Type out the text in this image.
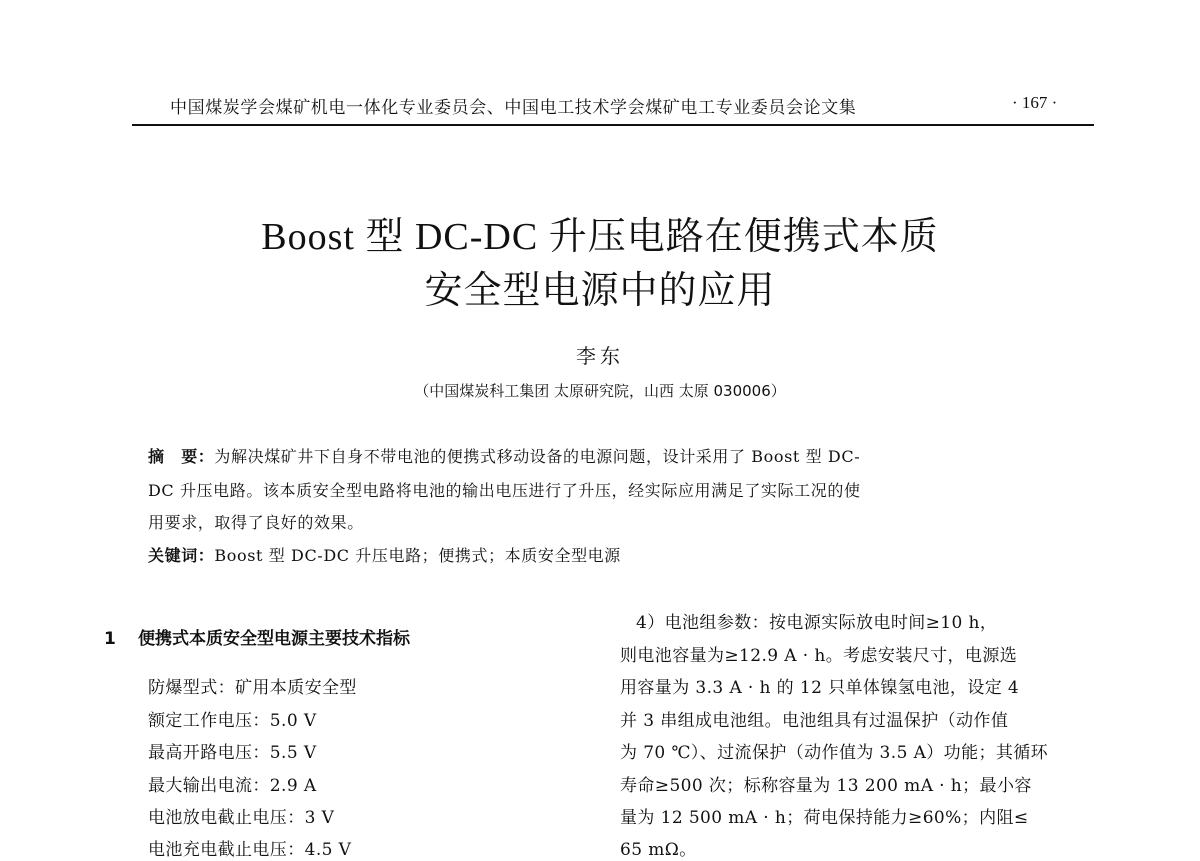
中国煤炭学会煤矿机电一体化专业委员会、中国电工技术学会煤矿电工专业委员会论文集	· 167 ·
Boost 型 DC-DC 升压电路在便携式本质
安全型电源中的应用
李东
（中国煤炭科工集团 太原研究院，山西 太原 030006）
摘　要：为解决煤矿井下自身不带电池的便携式移动设备的电源问题，设计采用了 Boost 型 DC-
DC 升压电路。该本质安全型电路将电池的输出电压进行了升压，经实际应用满足了实际工况的使
用要求，取得了良好的效果。
关键词：Boost 型 DC-DC 升压电路；便携式；本质安全型电源
1 便携式本质安全型电源主要技术指标
防爆型式：矿用本质安全型
额定工作电压：5.0 V
最高开路电压：5.5 V
最大输出电流：2.9 A
电池放电截止电压：3 V
电池充电截止电压：4.5 V
4）电池组参数：按电源实际放电时间≥10 h，
则电池容量为≥12.9 A · h。考虑安装尺寸，电源选
用容量为 3.3 A · h 的 12 只单体镍氢电池，设定 4
并 3 串组成电池组。电池组具有过温保护（动作值
为 70 ℃）、过流保护（动作值为 3.5 A）功能；其循环
寿命≥500 次；标称容量为 13 200 mA · h；最小容
量为 12 500 mA · h；荷电保持能力≥60%；内阻≤
65 mΩ。
